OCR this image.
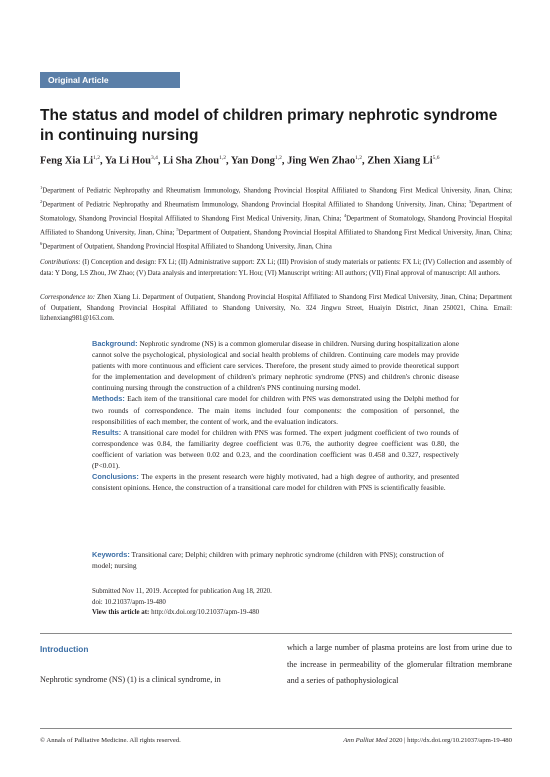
Original Article
The status and model of children primary nephrotic syndrome in continuing nursing
Feng Xia Li$^{1,2}$, Ya Li Hou$^{3,4}$, Li Sha Zhou$^{1,2}$, Yan Dong$^{1,2}$, Jing Wen Zhao$^{1,2}$, Zhen Xiang Li$^{5,6}$
$^1$Department of Pediatric Nephropathy and Rheumatism Immunology, Shandong Provincial Hospital Affiliated to Shandong First Medical University, Jinan, China; $^2$Department of Pediatric Nephropathy and Rheumatism Immunology, Shandong Provincial Hospital Affiliated to Shandong University, Jinan, China; $^3$Department of Stomatology, Shandong Provincial Hospital Affiliated to Shandong First Medical University, Jinan, China; $^4$Department of Stomatology, Shandong Provincial Hospital Affiliated to Shandong University, Jinan, China; $^5$Department of Outpatient, Shandong Provincial Hospital Affiliated to Shandong First Medical University, Jinan, China; $^6$Department of Outpatient, Shandong Provincial Hospital Affiliated to Shandong University, Jinan, China
Contributions: (I) Conception and design: FX Li; (II) Administrative support: ZX Li; (III) Provision of study materials or patients: FX Li; (IV) Collection and assembly of data: Y Dong, LS Zhou, JW Zhao; (V) Data analysis and interpretation: YL Hou; (VI) Manuscript writing: All authors; (VII) Final approval of manuscript: All authors.
Correspondence to: Zhen Xiang Li. Department of Outpatient, Shandong Provincial Hospital Affiliated to Shandong First Medical University, Jinan, China; Department of Outpatient, Shandong Provincial Hospital Affiliated to Shandong University, No. 324 Jingwu Street, Huaiyin District, Jinan 250021, China. Email: lizhenxiang981@163.com.

Background: Nephrotic syndrome (NS) is a common glomerular disease in children. Nursing during hospitalization alone cannot solve the psychological, physiological and social health problems of children. Continuing care models may provide patients with more continuous and efficient care services. Therefore, the present study aimed to provide theoretical support for the implementation and development of children's primary nephrotic syndrome (PNS) and children's chronic disease continuing nursing through the construction of a children's PNS continuing nursing model.

Methods: Each item of the transitional care model for children with PNS was demonstrated using the Delphi method for two rounds of correspondence. The main items included four components: the composition of personnel, the responsibilities of each member, the content of work, and the evaluation indicators.

Results: A transitional care model for children with PNS was formed. The expert judgment coefficient of two rounds of correspondence was 0.84, the familiarity degree coefficient was 0.76, the authority degree coefficient was 0.80, the coefficient of variation was between 0.02 and 0.23, and the coordination coefficient was 0.458 and 0.327, respectively (P<0.01).

Conclusions: The experts in the present research were highly motivated, had a high degree of authority, and presented consistent opinions. Hence, the construction of a transitional care model for children with PNS is scientifically feasible.

Keywords: Transitional care; Delphi; children with primary nephrotic syndrome (children with PNS); construction of model; nursing
Submitted Nov 11, 2019. Accepted for publication Aug 18, 2020.
doi: 10.21037/apm-19-480
View this article at: http://dx.doi.org/10.21037/apm-19-480
Introduction
Nephrotic syndrome (NS) (1) is a clinical syndrome, in
which a large number of plasma proteins are lost from urine due to the increase in permeability of the glomerular filtration membrane and a series of pathophysiological
© Annals of Palliative Medicine. All rights reserved.	Ann Palliat Med 2020 | http://dx.doi.org/10.21037/apm-19-480
